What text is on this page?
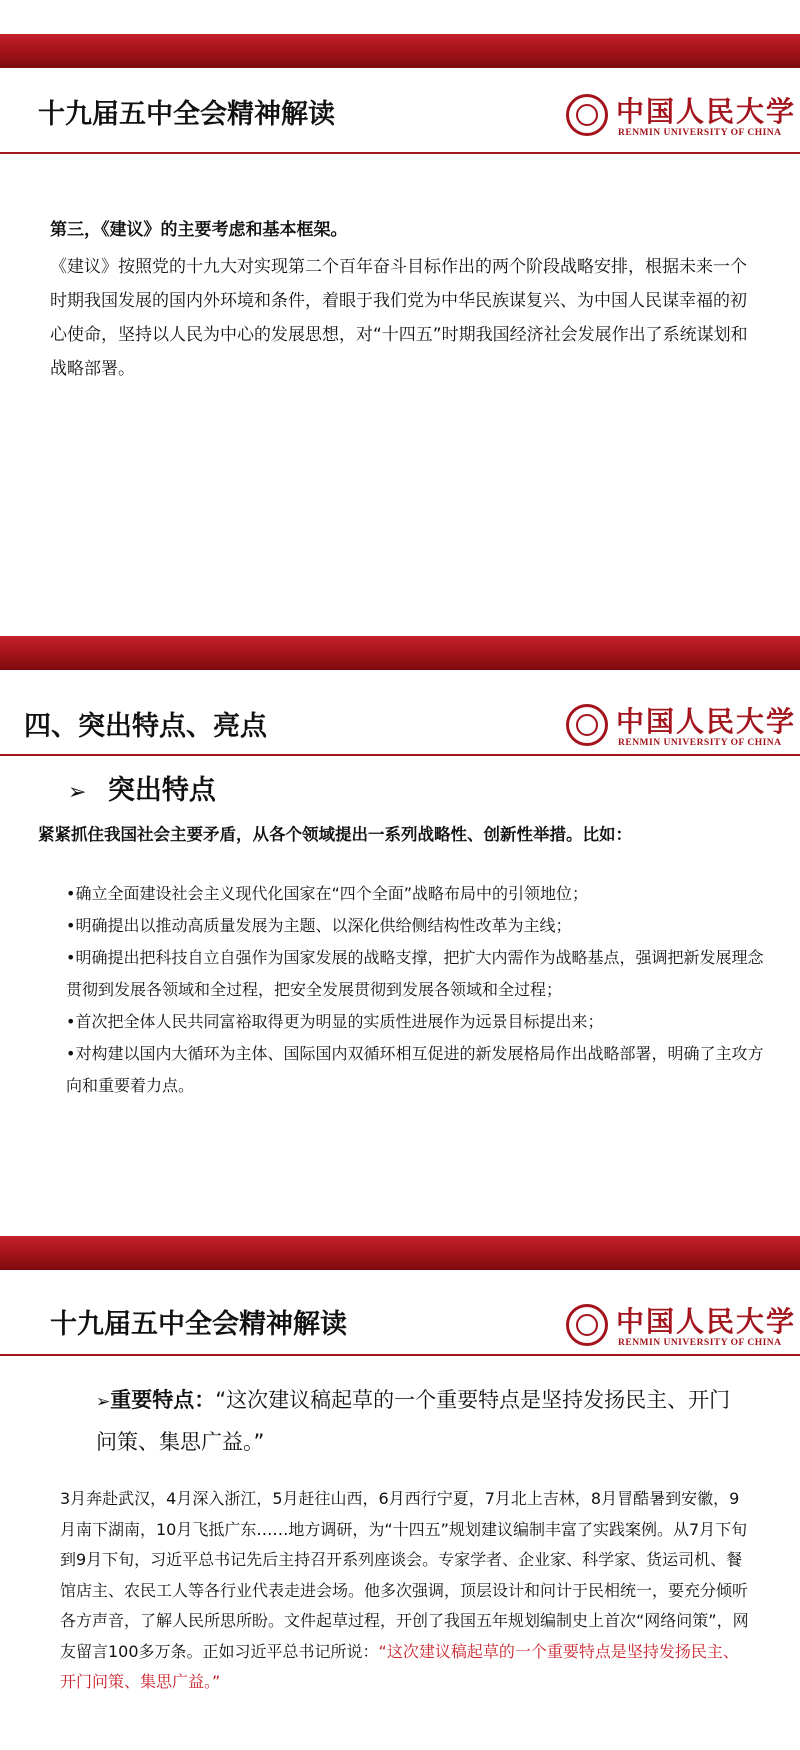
十九届五中全会精神解读	中国人民大学
RENMIN UNIVERSITY OF CHINA
第三，《建议》的主要考虑和基本框架。
《建议》按照党的十九大对实现第二个百年奋斗目标作出的两个阶段战略安排，根据未来一个时期我国发展的国内外环境和条件，着眼于我们党为中华民族谋复兴、为中国人民谋幸福的初心使命，坚持以人民为中心的发展思想，对“十四五”时期我国经济社会发展作出了系统谋划和战略部署。
四、突出特点、亮点	中国人民大学
RENMIN UNIVERSITY OF CHINA
➢ 突出特点
紧紧抓住我国社会主要矛盾，从各个领域提出一系列战略性、创新性举措。比如：
•确立全面建设社会主义现代化国家在“四个全面”战略布局中的引领地位；
•明确提出以推动高质量发展为主题、以深化供给侧结构性改革为主线；
•明确提出把科技自立自强作为国家发展的战略支撑，把扩大内需作为战略基点，强调把新发展理念贯彻到发展各领域和全过程，把安全发展贯彻到发展各领域和全过程；
•首次把全体人民共同富裕取得更为明显的实质性进展作为远景目标提出来；
•对构建以国内大循环为主体、国际国内双循环相互促进的新发展格局作出战略部署，明确了主攻方向和重要着力点。
十九届五中全会精神解读	中国人民大学
RENMIN UNIVERSITY OF CHINA
➢重要特点：“这次建议稿起草的一个重要特点是坚持发扬民主、开门问策、集思广益。”
3月奔赴武汉，4月深入浙江，5月赶往山西，6月西行宁夏，7月北上吉林，8月冒酷暑到安徽，9月南下湖南，10月飞抵广东……地方调研，为“十四五”规划建议编制丰富了实践案例。从7月下旬到9月下旬，习近平总书记先后主持召开系列座谈会。专家学者、企业家、科学家、货运司机、餐馆店主、农民工人等各行业代表走进会场。他多次强调，顶层设计和问计于民相统一，要充分倾听各方声音，了解人民所思所盼。文件起草过程，开创了我国五年规划编制史上首次“网络问策”，网友留言100多万条。正如习近平总书记所说：“这次建议稿起草的一个重要特点是坚持发扬民主、开门问策、集思广益。”
